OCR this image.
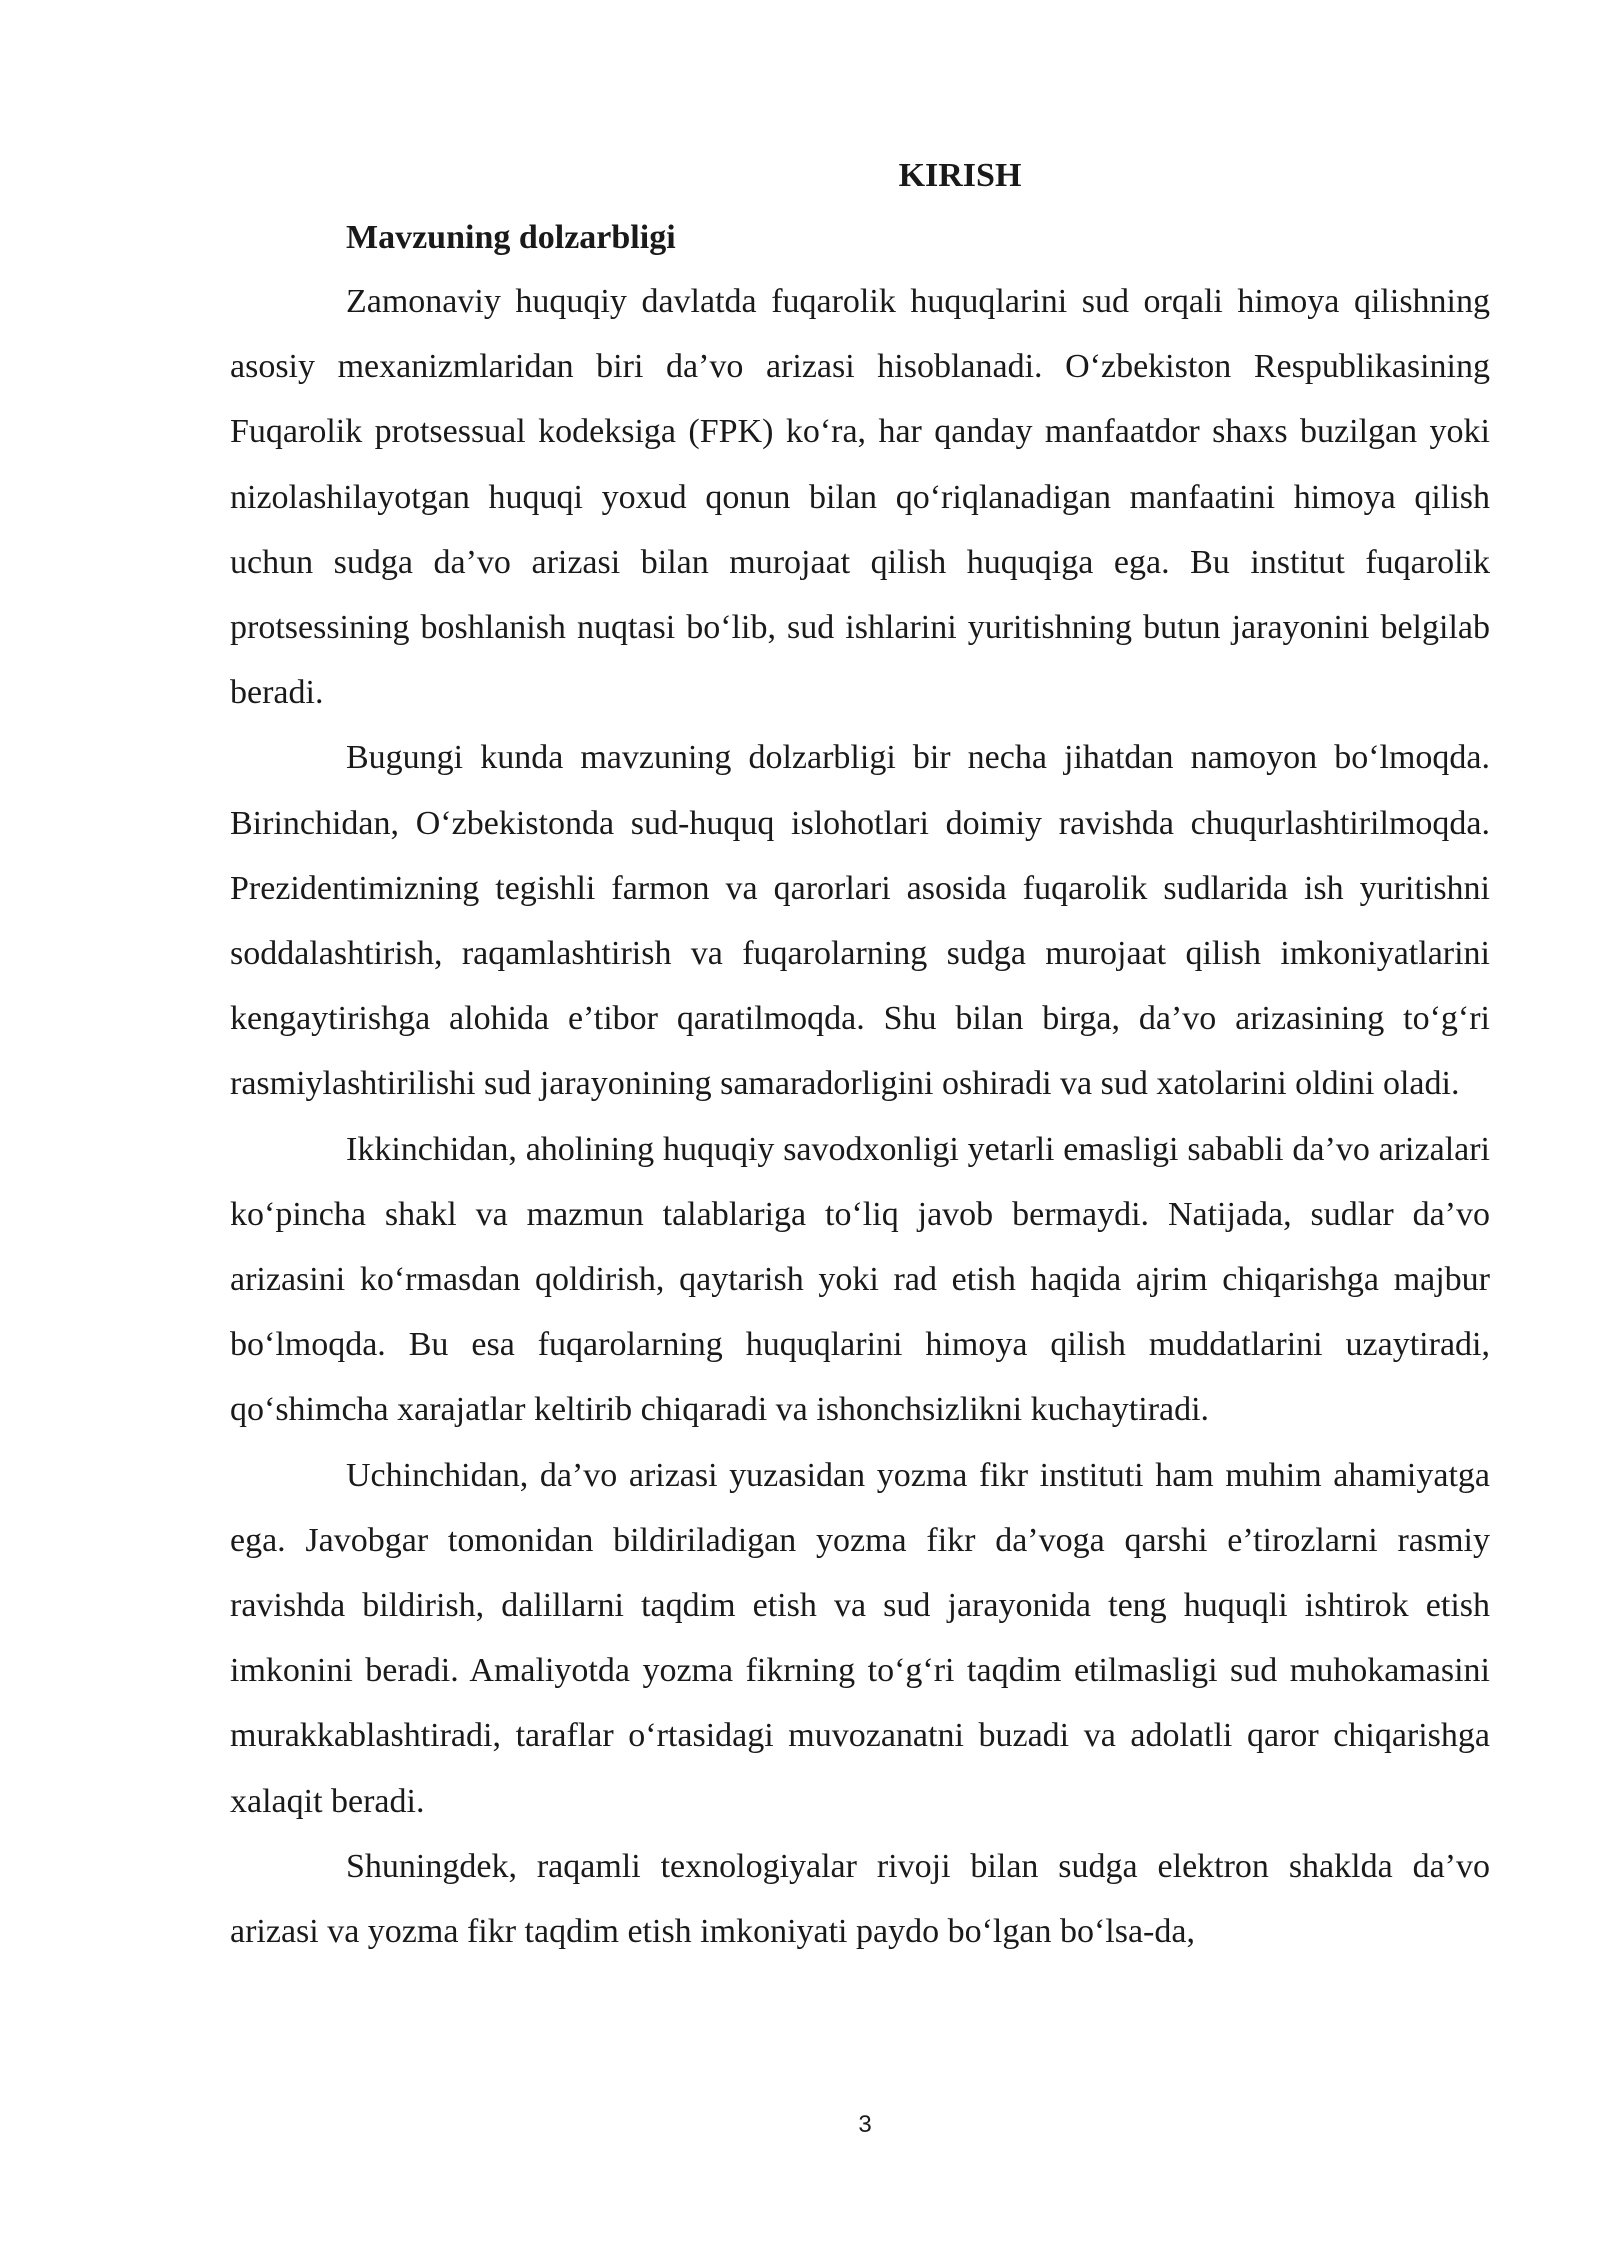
KIRISH
Mavzuning dolzarbligi

Zamonaviy huquqiy davlatda fuqarolik huquqlarini sud orqali himoya qilishning asosiy mexanizmlaridan biri da’vo arizasi hisoblanadi. O‘zbekiston Respublikasining Fuqarolik protsessual kodeksiga (FPK) ko‘ra, har qanday manfaatdor shaxs buzilgan yoki nizolashilayotgan huquqi yoxud qonun bilan qo‘riqlanadigan manfaatini himoya qilish uchun sudga da’vo arizasi bilan murojaat qilish huquqiga ega. Bu institut fuqarolik protsessining boshlanish nuqtasi bo‘lib, sud ishlarini yuritishning butun jarayonini belgilab beradi.

Bugungi kunda mavzuning dolzarbligi bir necha jihatdan namoyon bo‘lmoqda. Birinchidan, O‘zbekistonda sud-huquq islohotlari doimiy ravishda chuqurlashtirilmoqda. Prezidentimizning tegishli farmon va qarorlari asosida fuqarolik sudlarida ish yuritishni soddalashtirish, raqamlashtirish va fuqarolarning sudga murojaat qilish imkoniyatlarini kengaytirishga alohida e’tibor qaratilmoqda. Shu bilan birga, da’vo arizasining to‘g‘ri rasmiylashtirilishi sud jarayonining samaradorligini oshiradi va sud xatolarini oldini oladi.

Ikkinchidan, aholining huquqiy savodxonligi yetarli emasligi sababli da’vo arizalari ko‘pincha shakl va mazmun talablariga to‘liq javob bermaydi. Natijada, sudlar da’vo arizasini ko‘rmasdan qoldirish, qaytarish yoki rad etish haqida ajrim chiqarishga majbur bo‘lmoqda. Bu esa fuqarolarning huquqlarini himoya qilish muddatlarini uzaytiradi, qo‘shimcha xarajatlar keltirib chiqaradi va ishonchsizlikni kuchaytiradi.

Uchinchidan, da’vo arizasi yuzasidan yozma fikr instituti ham muhim ahamiyatga ega. Javobgar tomonidan bildiriladigan yozma fikr da’voga qarshi e’tirozlarni rasmiy ravishda bildirish, dalillarni taqdim etish va sud jarayonida teng huquqli ishtirok etish imkonini beradi. Amaliyotda yozma fikrning to‘g‘ri taqdim etilmasligi sud muhokamasini murakkablashtiradi, taraflar o‘rtasidagi muvozanatni buzadi va adolatli qaror chiqarishga xalaqit beradi.

Shuningdek, raqamli texnologiyalar rivoji bilan sudga elektron shaklda da’vo arizasi va yozma fikr taqdim etish imkoniyati paydo bo‘lgan bo‘lsa-da,

3
